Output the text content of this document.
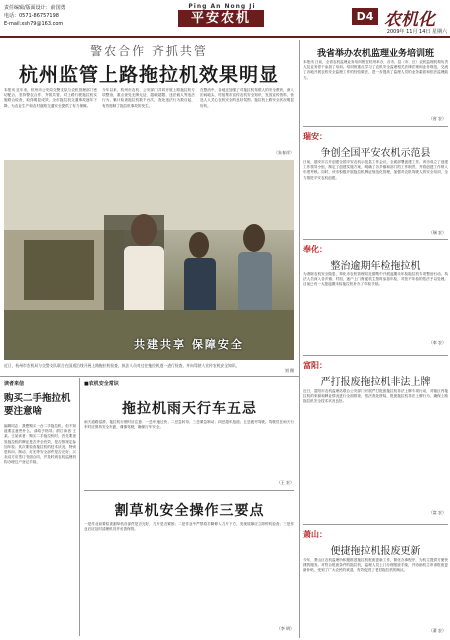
责任编辑/版面设计：俞国勇
电话：0571-86757198
E-mail:xsh79@163.com
Ping An Nong Ji
平安农机	D4 农机化
2009年 11月 14日 星期六
警农合作 齐抓共管
杭州监管上路拖拉机效果明显
本报讯 近年来，杭州市公安局交警支队与农机管理部门密切配合，坚持警农合作、齐抓共管，对上路行驶拖拉机实施联合检查，取得明显成效，全市拖拉机交通事故逐年下降，为农业生产和农村道路交通安全提供了有力保障。
今年以来，杭州市农机、公安部门共同开展上路拖拉机专项整治，重点查处无牌无证、超载超限、违法载人等违法行为，累计检查拖拉机数千台次，查处违法行为数百起，有效遏制了拖拉机事故的发生。
在整治中，各地还加强了对拖拉机驾驶人的安全教育，深入田间地头、村组集市宣传农机安全知识，发放宣传资料，营造人人关心农机安全的良好氛围，拖拉机上路安全状况明显好转。
（朱春祥）
共建共享 保障安全
近日，杭州市农机局与交警支队联合在国道沿线开展上路拖拉机检查，执法人员对过往拖拉机逐一进行检查，并向驾驶人宣传农机安全知识。
刘 摄
我省举办农机监理业务培训班
本报讯 日前，全省农机监理业务培训班在杭州举办，各市、县（市、区）农机监理机构负责人及业务骨干参加了培训。培训班重点学习了农机安全监理相关法律法规和业务规范，交流了各地开展农机安全监理工作的经验做法，进一步提高了监理人员的业务素质和依法监理能力。
（省 农）
瑞安：
争创全国平安农机示范县
日前，瑞安市召开创建全国平安农机示范县工作会议，全面部署创建工作。该市成立了创建工作领导小组，制定了创建实施方案，明确了各乡镇和部门的工作职责，并将创建工作纳入年度考核。同时，该市积极开展拖拉机牌证规范化管理，加强对农机驾驶人的安全培训，全力推进平安农机创建。
（瑞 农）
奉化：
整治逾期年检拖拉机
为消除农机安全隐患，奉化市农机管理站近期集中开展逾期未年检拖拉机专项整治行动。执法人员深入各乡镇、村组，逐户上门督促机主按时参加年检，对拒不年检的依法予以处理。目前已有一大批逾期未检拖拉机补办了年检手续。
（奉 农）
富阳：
严打报废拖拉机非法上牌
近日，富阳市农机监理站联合公安部门开展严打报废拖拉机非法上牌专项行动，对辖区内拖拉机的来源和牌证情况进行全面排查，依法查处拼装、报废拖拉机非法上牌行为，确保上路拖拉机安全技术状况良好。
（富 农）
萧山：
便捷拖拉机报废更新
今年，萧山区农机监理所积极推进拖拉机报废更新工作，简化办事程序，为机主提供方便快捷的服务。对符合报废条件的拖拉机，监理人员上门办理报废手续，并协助机主申请报废更新补贴，受到了广大农民的欢迎，有效促进了老旧拖拉机的淘汰。
（萧 农）
读者来信
购买二手拖拉机要注意啥
编辑同志：我想购买一台二手拖拉机，但不知道要注意些什么，请给予指导。浙江读者 王某。王某读者：购买二手拖拉机时，首先要查验拖拉机的牌证是否齐全有效，是否按规定参加年检；其次要检查拖拉机的技术状况，特别是转向、制动、灯光等安全部件是否完好；买卖双方应签订书面合同，并及时到农机监理机构办理过户登记手续。
■农机安全常识
拖拉机雨天行车五忌
雨天道路湿滑，拖拉机行驶时应注意：一忌车速过快；二忌急转弯；三忌紧急制动；四忌超车抢道；五忌疲劳驾驶。驾驶员在雨天行车时应保持安全车距，谨慎驾驶，确保行车安全。
（王 宏）
割草机安全操作三要点
一是作业前要检查割草机各部件是否完好，刀片是否紧固；二是作业中严禁将手脚伸入刀片下方，发现故障应立即停机检查；三是作业后应及时清理机具并妥善保管。
（李 明）
